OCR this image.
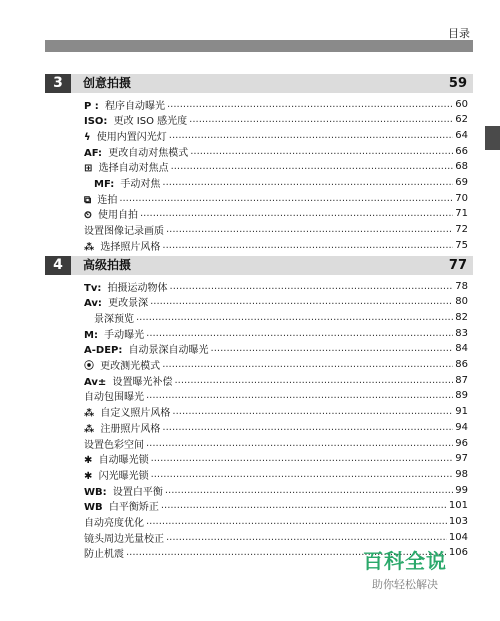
目录
3	创意拍摄	59
P : 程序自动曝光 .....	60
ISO: 更改 ISO 感光度 .....	62
ϟ 使用内置闪光灯 .....	64
AF: 更改自动对焦模式 .....	66
⊞ 选择自动对焦点 .....	68
MF: 手动对焦 .....	69
⧉ 连拍 .....	70
⏲ 使用自拍 .....	71
设置图像记录画质 .....	72
⁂ 选择照片风格 .....	75
4	高级拍摄	77
Tv: 拍摄运动物体 .....	78
Av: 更改景深 .....	80
景深预览 .....	82
M: 手动曝光 .....	83
A-DEP: 自动景深自动曝光 .....	84
⦿ 更改测光模式 .....	86
Av± 设置曝光补偿 .....	87
自动包围曝光 .....	89
⁂ 自定义照片风格 .....	91
⁂ 注册照片风格 .....	94
设置色彩空间 .....	96
✱ 自动曝光锁 .....	97
✱ 闪光曝光锁 .....	98
WB: 设置白平衡 .....	99
WB 白平衡矫正 .....	101
自动亮度优化 .....	103
镜头周边光量校正 .....	104
防止机震 .....	106
百科全说
助你轻松解决
